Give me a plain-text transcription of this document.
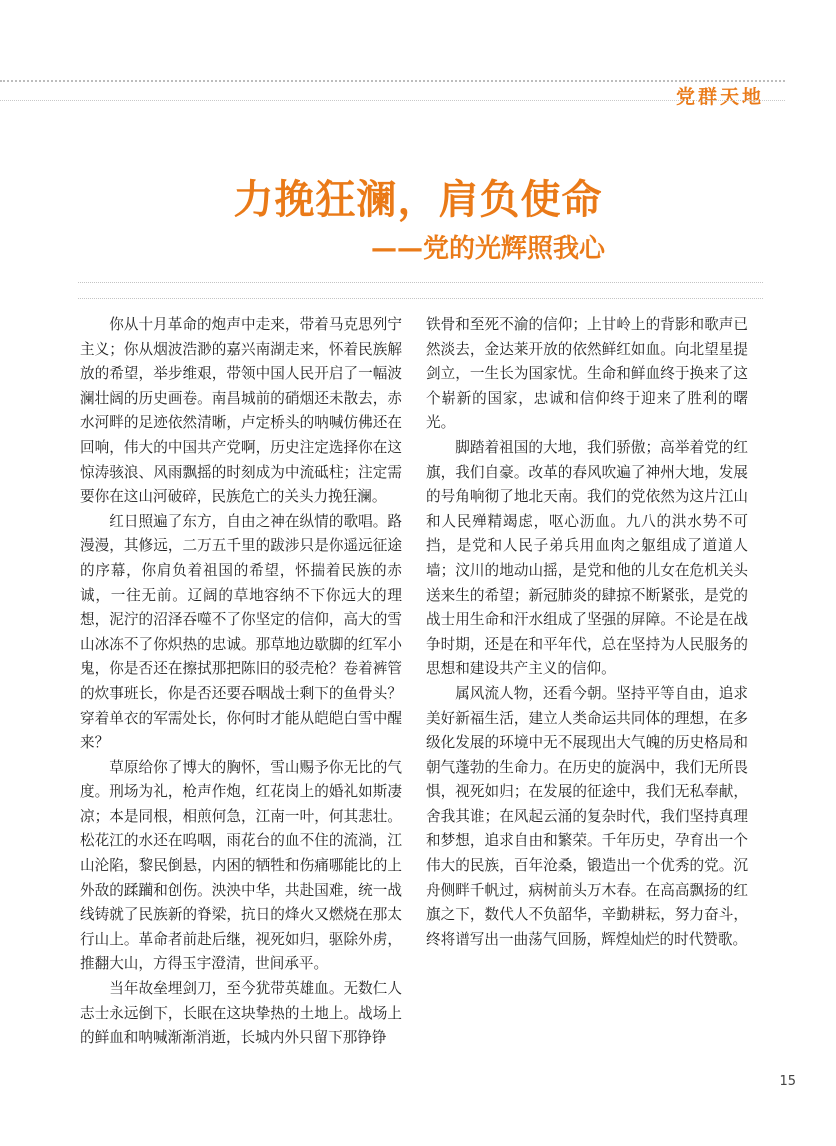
党群天地
力挽狂澜，肩负使命
——党的光辉照我心

你从十月革命的炮声中走来，带着马克思列宁主义；你从烟波浩渺的嘉兴南湖走来，怀着民族解放的希望，举步维艰，带领中国人民开启了一幅波澜壮阔的历史画卷。南昌城前的硝烟还未散去，赤水河畔的足迹依然清晰，卢定桥头的呐喊仿佛还在回响，伟大的中国共产党啊，历史注定选择你在这惊涛骇浪、风雨飘摇的时刻成为中流砥柱；注定需要你在这山河破碎，民族危亡的关头力挽狂澜。

红日照遍了东方，自由之神在纵情的歌唱。路漫漫，其修远，二万五千里的跋涉只是你遥远征途的序幕，你肩负着祖国的希望，怀揣着民族的赤诚，一往无前。辽阔的草地容纳不下你远大的理想，泥泞的沼泽吞噬不了你坚定的信仰，高大的雪山冰冻不了你炽热的忠诚。那草地边歇脚的红军小鬼，你是否还在擦拭那把陈旧的驳壳枪？卷着裤管的炊事班长，你是否还要吞咽战士剩下的鱼骨头？穿着单衣的军需处长，你何时才能从皑皑白雪中醒来？

草原给你了博大的胸怀，雪山赐予你无比的气度。刑场为礼，枪声作炮，红花岗上的婚礼如斯凄凉；本是同根，相煎何急，江南一叶，何其悲壮。松花江的水还在呜咽，雨花台的血不住的流淌，江山沦陷，黎民倒悬，内困的牺牲和伤痛哪能比的上外敌的蹂躏和创伤。泱泱中华，共赴国难，统一战线铸就了民族新的脊梁，抗日的烽火又燃烧在那太行山上。革命者前赴后继，视死如归，驱除外虏，推翻大山，方得玉宇澄清，世间承平。

当年故垒埋剑刀，至今犹带英雄血。无数仁人志士永远倒下，长眠在这块挚热的土地上。战场上的鲜血和呐喊渐渐消逝，长城内外只留下那铮铮

铁骨和至死不渝的信仰；上甘岭上的背影和歌声已然淡去，金达莱开放的依然鲜红如血。向北望星提剑立，一生长为国家忧。生命和鲜血终于换来了这个崭新的国家，忠诚和信仰终于迎来了胜利的曙光。

脚踏着祖国的大地，我们骄傲；高举着党的红旗，我们自豪。改革的春风吹遍了神州大地，发展的号角响彻了地北天南。我们的党依然为这片江山和人民殚精竭虑，呕心沥血。九八的洪水势不可挡，是党和人民子弟兵用血肉之躯组成了道道人墙；汶川的地动山摇，是党和他的儿女在危机关头送来生的希望；新冠肺炎的肆掠不断紧张，是党的战士用生命和汗水组成了坚强的屏障。不论是在战争时期，还是在和平年代，总在坚持为人民服务的思想和建设共产主义的信仰。

属风流人物，还看今朝。坚持平等自由，追求美好新福生活，建立人类命运共同体的理想，在多级化发展的环境中无不展现出大气魄的历史格局和朝气蓬勃的生命力。在历史的旋涡中，我们无所畏惧，视死如归；在发展的征途中，我们无私奉献，舍我其谁；在风起云涌的复杂时代，我们坚持真理和梦想，追求自由和繁荣。千年历史，孕育出一个伟大的民族，百年沧桑，锻造出一个优秀的党。沉舟侧畔千帆过，病树前头万木春。在高高飘扬的红旗之下，数代人不负韶华，辛勤耕耘，努力奋斗，终将谱写出一曲荡气回肠，辉煌灿烂的时代赞歌。

15
